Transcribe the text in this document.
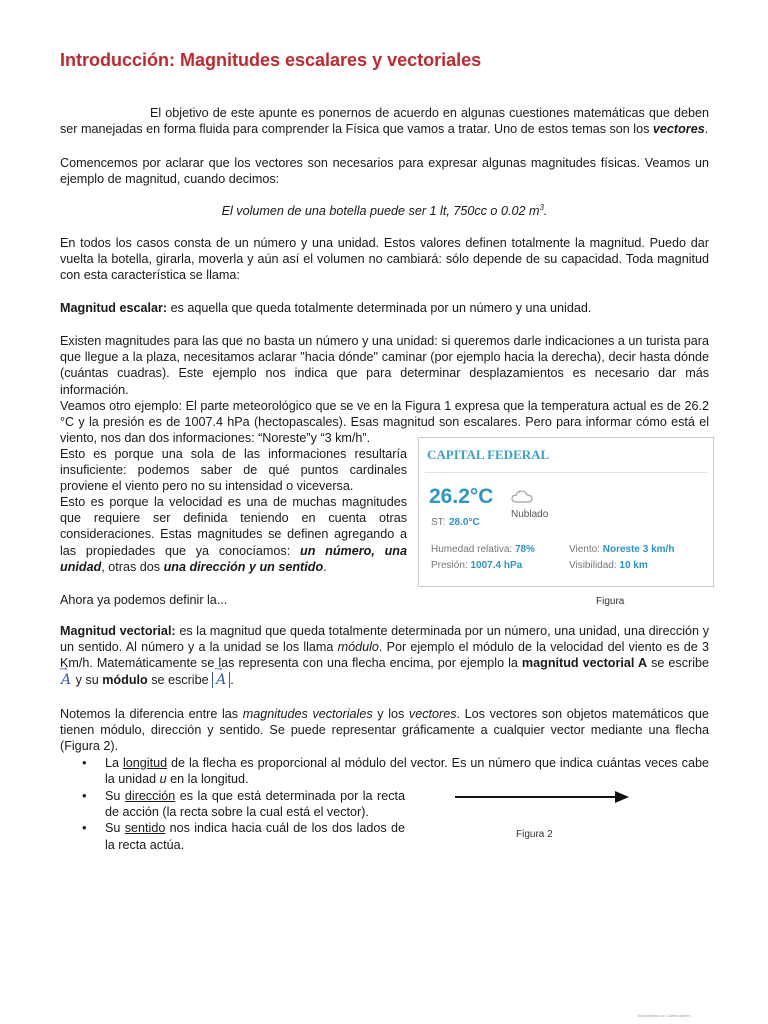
Introducción: Magnitudes escalares y vectoriales

El objetivo de este apunte es ponernos de acuerdo en algunas cuestiones matemáticas que deben ser manejadas en forma fluida para comprender la Física que vamos a tratar. Uno de estos temas son los vectores.

Comencemos por aclarar que los vectores son necesarios para expresar algunas magnitudes físicas. Veamos un ejemplo de magnitud, cuando decimos:

El volumen de una botella puede ser 1 lt, 750cc o 0.02 $m^3$.

En todos los casos consta de un número y una unidad. Estos valores definen totalmente la magnitud. Puedo dar vuelta la botella, girarla, moverla y aún así el volumen no cambiará: sólo depende de su capacidad. Toda magnitud con esta característica se llama:

Magnitud escalar: es aquella que queda totalmente determinada por un número y una unidad.

Existen magnitudes para las que no basta un número y una unidad: si queremos darle indicaciones a un turista para que llegue a la plaza, necesitamos aclarar "hacia dónde" caminar (por ejemplo hacia la derecha), decir hasta dónde (cuántas cuadras). Este ejemplo nos indica que para determinar desplazamientos es necesario dar más información.

Veamos otro ejemplo: El parte meteorológico que se ve en la Figura 1 expresa que la temperatura actual es de 26.2 °C y la presión es de 1007.4 hPa (hectopascales). Esas magnitud son escalares. Pero para informar cómo está el viento, nos dan dos informaciones: “Noreste”y “3 km/h”.

Esto es porque una sola de las informaciones resultaría insuficiente: podemos saber de qué puntos cardinales proviene el viento pero no su intensidad o viceversa.

Esto es porque la velocidad es una de muchas magnitudes que requiere ser definida teniendo en cuenta otras consideraciones. Estas magnitudes se definen agregando a las propiedades que ya conocíamos: un número, una unidad, otras dos una dirección y un sentido.

Ahora ya podemos definir la...

CAPITAL FEDERAL
26.2°C
ST: 28.0°C
Nublado
Humedad relativa: 78%
Presión: 1007.4 hPa
Viento: Noreste 3 km/h
Visibilidad: 10 km
Figura

Magnitud vectorial: es la magnitud que queda totalmente determinada por un número, una unidad, una dirección y un sentido. Al número y a la unidad se los llama módulo. Por ejemplo el módulo de la velocidad del viento es de 3 Km/h. Matemáticamente se las representa con una flecha encima, por ejemplo la magnitud vectorial A se escribe → A y su módulo se escribe → A .

Notemos la diferencia entre las magnitudes vectoriales y los vectores. Los vectores son objetos matemáticos que tienen módulo, dirección y sentido. Se puede representar gráficamente a cualquier vector mediante una flecha (Figura 2).

• La longitud de la flecha es proporcional al módulo del vector. Es un número que indica cuántas veces cabe la unidad u en la longitud.
• Su dirección es la que está determinada por la recta de acción (la recta sobre la cual está el vector).
• Su sentido nos indica hacia cuál de los dos lados de la recta actúa.
Figura 2
Escaneado con CamScanner
